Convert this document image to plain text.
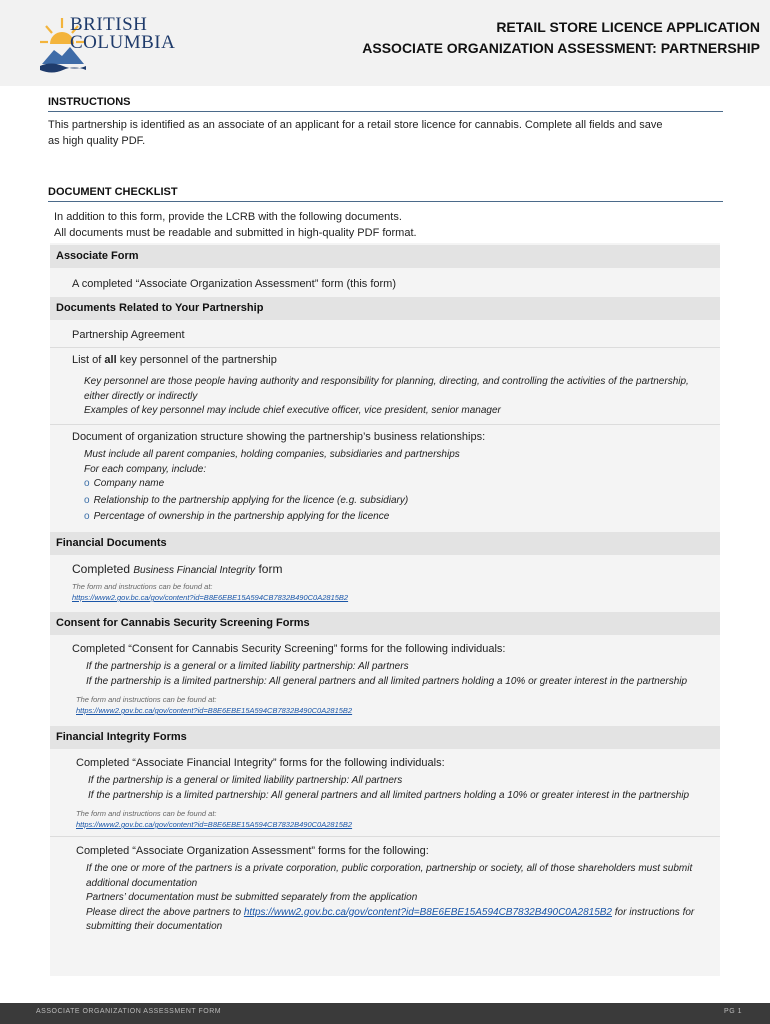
BRITISH
COLUMBIA
RETAIL STORE LICENCE APPLICATION
ASSOCIATE ORGANIZATION ASSESSMENT: PARTNERSHIP
INSTRUCTIONS
This partnership is identified as an associate of an applicant for a retail store licence for cannabis. Complete all fields and save
as high quality PDF.
DOCUMENT CHECKLIST
In addition to this form, provide the LCRB with the following documents.
All documents must be readable and submitted in high-quality PDF format.
Associate Form
A completed “Associate Organization Assessment” form (this form)
Documents Related to Your Partnership
Partnership Agreement
List of all key personnel of the partnership
Key personnel are those people having authority and responsibility for planning, directing, and controlling the activities of the partnership,
either directly or indirectly
Examples of key personnel may include chief executive officer, vice president, senior manager
Document of organization structure showing the partnership’s business relationships:
Must include all parent companies, holding companies, subsidiaries and partnerships
For each company, include:
o Company name
o Relationship to the partnership applying for the licence (e.g. subsidiary)
o Percentage of ownership in the partnership applying for the licence
Financial Documents
Completed Business Financial Integrity form
The form and instructions can be found at:
https://www2.gov.bc.ca/gov/content?id=B8E6EBE15A594CB7832B490C0A2815B2
Consent for Cannabis Security Screening Forms
Completed “Consent for Cannabis Security Screening” forms for the following individuals:
If the partnership is a general or a limited liability partnership: All partners
If the partnership is a limited partnership: All general partners and all limited partners holding a 10% or greater interest in the partnership
The form and instructions can be found at:
https://www2.gov.bc.ca/gov/content?id=B8E6EBE15A594CB7832B490C0A2815B2
Financial Integrity Forms
Completed “Associate Financial Integrity” forms for the following individuals:
If the partnership is a general or limited liability partnership: All partners
If the partnership is a limited partnership: All general partners and all limited partners holding a 10% or greater interest in the partnership
The form and instructions can be found at:
https://www2.gov.bc.ca/gov/content?id=B8E6EBE15A594CB7832B490C0A2815B2
Completed “Associate Organization Assessment” forms for the following:
If the one or more of the partners is a private corporation, public corporation, partnership or society, all of those shareholders must submit
additional documentation
Partners’ documentation must be submitted separately from the application
Please direct the above partners to https://www2.gov.bc.ca/gov/content?id=B8E6EBE15A594CB7832B490C0A2815B2 for instructions for
submitting their documentation
ASSOCIATE ORGANIZATION ASSESSMENT FORM	PG 1
